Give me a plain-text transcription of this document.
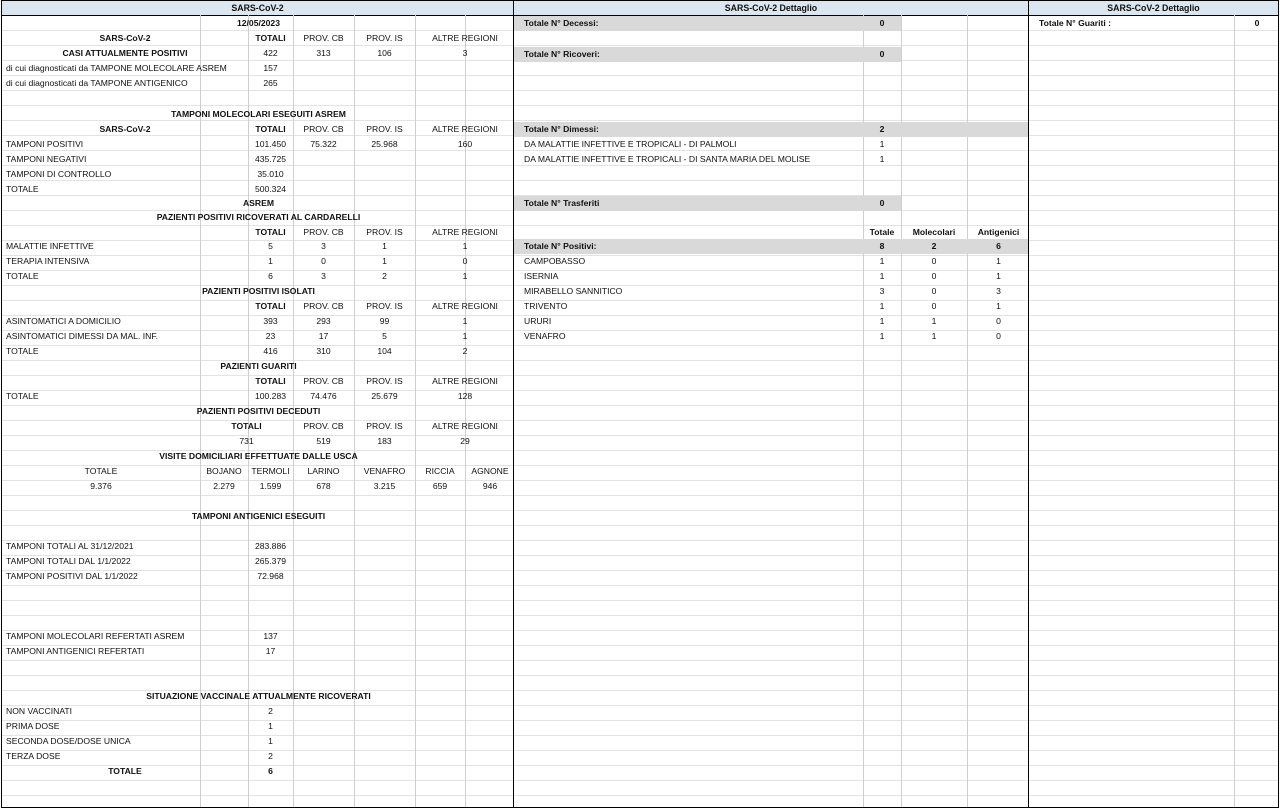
SARS-CoV-2
12/05/2023
SARS-CoV-2	TOTALI	PROV. CB	PROV. IS	ALTRE REGIONI
CASI ATTUALMENTE POSITIVI	422	313	106	3
di cui diagnosticati da TAMPONE MOLECOLARE ASREM	157
di cui diagnosticati da TAMPONE ANTIGENICO	265
TAMPONI MOLECOLARI ESEGUITI ASREM
SARS-CoV-2	TOTALI	PROV. CB	PROV. IS	ALTRE REGIONI
TAMPONI POSITIVI	101.450	75.322	25.968	160
TAMPONI NEGATIVI	435.725
TAMPONI DI CONTROLLO	35.010
TOTALE	500.324
ASREM
PAZIENTI POSITIVI RICOVERATI AL CARDARELLI
TOTALI	PROV. CB	PROV. IS	ALTRE REGIONI
MALATTIE INFETTIVE	5	3	1	1
TERAPIA INTENSIVA	1	0	1	0
TOTALE	6	3	2	1
PAZIENTI POSITIVI ISOLATI
TOTALI	PROV. CB	PROV. IS	ALTRE REGIONI
ASINTOMATICI A DOMICILIO	393	293	99	1
ASINTOMATICI DIMESSI DA MAL. INF.	23	17	5	1
TOTALE	416	310	104	2
PAZIENTI GUARITI
TOTALI	PROV. CB	PROV. IS	ALTRE REGIONI
TOTALE	100.283	74.476	25.679	128
PAZIENTI POSITIVI DECEDUTI
TOTALI	PROV. CB	PROV. IS	ALTRE REGIONI
731	519	183	29
VISITE DOMICILIARI EFFETTUATE DALLE USCA
TOTALE	BOJANO	TERMOLI	LARINO	VENAFRO	RICCIA	AGNONE
9.376	2.279	1.599	678	3.215	659	946
TAMPONI ANTIGENICI ESEGUITI
TAMPONI TOTALI AL 31/12/2021	283.886
TAMPONI TOTALI DAL 1/1/2022	265.379
TAMPONI POSITIVI DAL 1/1/2022	72.968
TAMPONI MOLECOLARI REFERTATI ASREM	137
TAMPONI ANTIGENICI REFERTATI	17
SITUAZIONE VACCINALE ATTUALMENTE RICOVERATI
NON VACCINATI	2
PRIMA DOSE	1
SECONDA DOSE/DOSE UNICA	1
TERZA DOSE	2
TOTALE	6
SARS-CoV-2 Dettaglio
Totale N° Decessi:	0
Totale N° Ricoveri:	0
Totale N° Dimessi:	2
DA MALATTIE INFETTIVE E TROPICALI - DI PALMOLI	1
DA MALATTIE INFETTIVE E TROPICALI - DI SANTA MARIA DEL MOLISE	1
Totale N° Trasferiti	0
Totale	Molecolari	Antigenici
Totale N° Positivi:	8	2	6
CAMPOBASSO	1	0	1
ISERNIA	1	0	1
MIRABELLO SANNITICO	3	0	3
TRIVENTO	1	0	1
URURI	1	1	0
VENAFRO	1	1	0
SARS-CoV-2 Dettaglio
Totale N° Guariti :	0
